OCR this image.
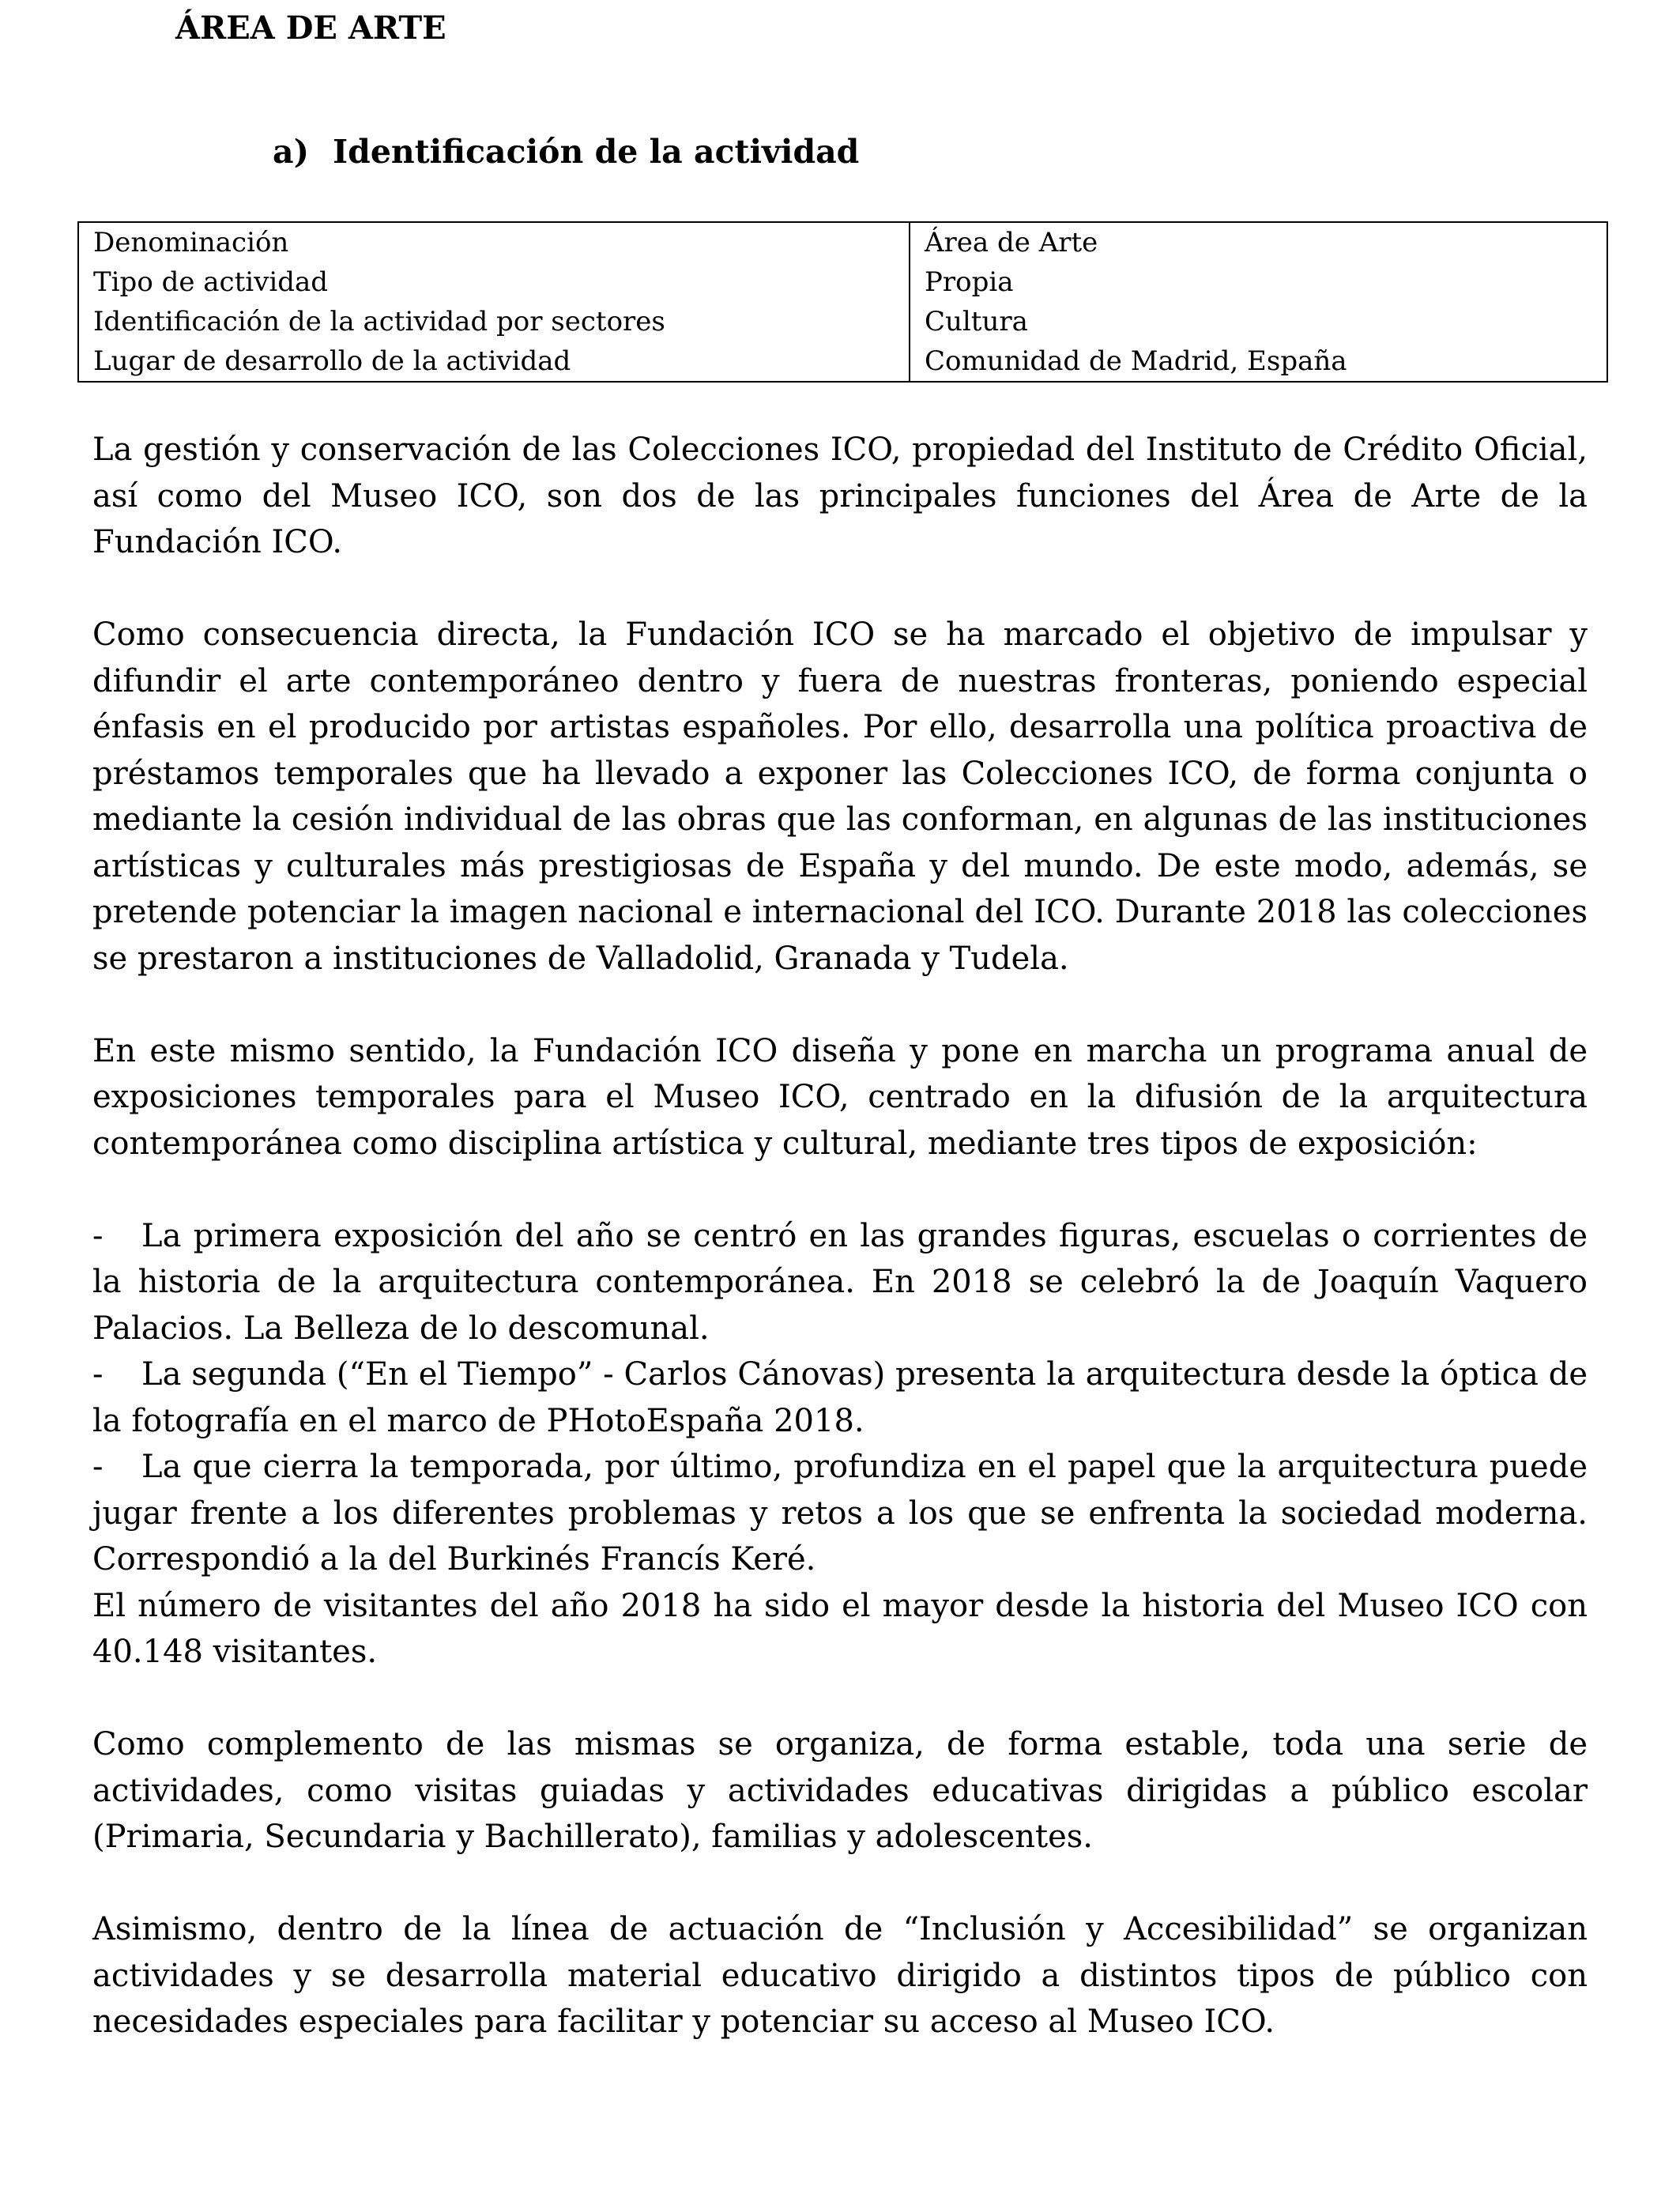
ÁREA DE ARTE
a) Identificación de la actividad
Denominación	Área de Arte
Tipo de actividad	Propia
Identificación de la actividad por sectores	Cultura
Lugar de desarrollo de la actividad	Comunidad de Madrid, España

La gestión y conservación de las Colecciones ICO, propiedad del Instituto de Crédito Oficial, así como del Museo ICO, son dos de las principales funciones del Área de Arte de la Fundación ICO.

Como consecuencia directa, la Fundación ICO se ha marcado el objetivo de impulsar y difundir el arte contemporáneo dentro y fuera de nuestras fronteras, poniendo especial énfasis en el producido por artistas españoles. Por ello, desarrolla una política proactiva de préstamos temporales que ha llevado a exponer las Colecciones ICO, de forma conjunta o mediante la cesión individual de las obras que las conforman, en algunas de las instituciones artísticas y culturales más prestigiosas de España y del mundo. De este modo, además, se pretende potenciar la imagen nacional e internacional del ICO. Durante 2018 las colecciones se prestaron a instituciones de Valladolid, Granada y Tudela.

En este mismo sentido, la Fundación ICO diseña y pone en marcha un programa anual de exposiciones temporales para el Museo ICO, centrado en la difusión de la arquitectura contemporánea como disciplina artística y cultural, mediante tres tipos de exposición:

- La primera exposición del año se centró en las grandes figuras, escuelas o corrientes de la historia de la arquitectura contemporánea. En 2018 se celebró la de Joaquín Vaquero Palacios. La Belleza de lo descomunal.

- La segunda (“En el Tiempo” - Carlos Cánovas) presenta la arquitectura desde la óptica de la fotografía en el marco de PHotoEspaña 2018.

- La que cierra la temporada, por último, profundiza en el papel que la arquitectura puede jugar frente a los diferentes problemas y retos a los que se enfrenta la sociedad moderna. Correspondió a la del Burkinés Francís Keré.

El número de visitantes del año 2018 ha sido el mayor desde la historia del Museo ICO con 40.148 visitantes.

Como complemento de las mismas se organiza, de forma estable, toda una serie de actividades, como visitas guiadas y actividades educativas dirigidas a público escolar (Primaria, Secundaria y Bachillerato), familias y adolescentes.

Asimismo, dentro de la línea de actuación de “Inclusión y Accesibilidad” se organizan actividades y se desarrolla material educativo dirigido a distintos tipos de público con necesidades especiales para facilitar y potenciar su acceso al Museo ICO.
